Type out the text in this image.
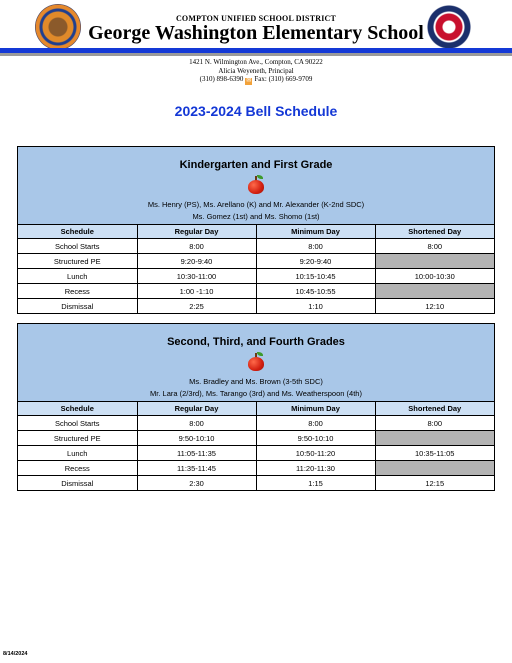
COMPTON UNIFIED SCHOOL DISTRICT
George Washington Elementary School
1421 N. Wilmington Ave., Compton, CA 90222
Alicia Weyeneth, Principal
(310) 898-6390 ✉ Fax: (310) 669-9709
2023-2024 Bell Schedule
Kindergarten and First Grade
Ms. Henry (PS), Ms. Arellano (K) and Mr. Alexander (K-2nd SDC)
Ms. Gomez (1st) and Ms. Shomo (1st)
Schedule	Regular Day	Minimum Day	Shortened Day
School Starts	8:00	8:00	8:00
Structured PE	9:20-9:40	9:20-9:40	
Lunch	10:30-11:00	10:15-10:45	10:00-10:30
Recess	1:00 -1:10	10:45-10:55	
Dismissal	2:25	1:10	12:10
Second, Third, and Fourth Grades
Ms. Bradley and Ms. Brown (3-5th SDC)
Mr. Lara (2/3rd), Ms. Tarango (3rd) and Ms. Weatherspoon (4th)
Schedule	Regular Day	Minimum Day	Shortened Day
School Starts	8:00	8:00	8:00
Structured PE	9:50-10:10	9:50-10:10	
Lunch	11:05-11:35	10:50-11:20	10:35-11:05
Recess	11:35-11:45	11:20-11:30	
Dismissal	2:30	1:15	12:15
8/14/2024
